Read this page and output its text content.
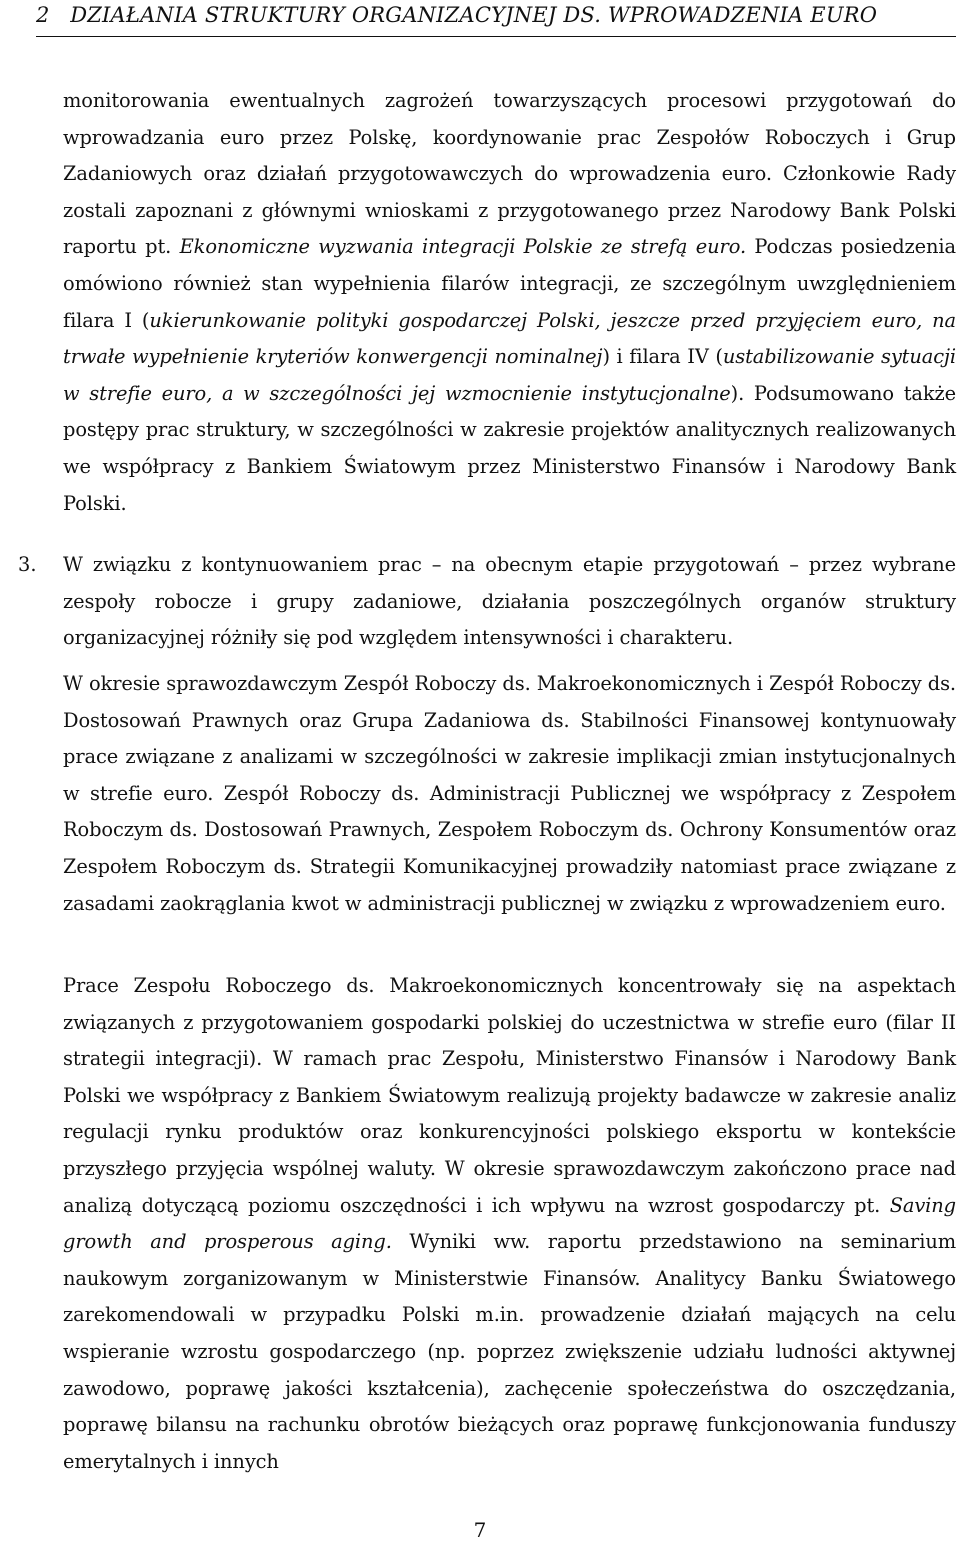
2 DZIAŁANIA STRUKTURY ORGANIZACYJNEJ DS. WPROWADZENIA EURO
monitorowania ewentualnych zagrożeń towarzyszących procesowi przygotowań do wprowadzania euro przez Polskę, koordynowanie prac Zespołów Roboczych i Grup Zadaniowych oraz działań przygotowawczych do wprowadzenia euro. Członkowie Rady zostali zapoznani z głównymi wnioskami z przygotowanego przez Narodowy Bank Polski raportu pt. Ekonomiczne wyzwania integracji Polskie ze strefą euro. Podczas posiedzenia omówiono również stan wypełnienia filarów integracji, ze szczególnym uwzględnieniem filara I (ukierunkowanie polityki gospodarczej Polski, jeszcze przed przyjęciem euro, na trwałe wypełnienie kryteriów konwergencji nominalnej) i filara IV (ustabilizowanie sytuacji w strefie euro, a w szczególności jej wzmocnienie instytucjonalne). Podsumowano także postępy prac struktury, w szczególności w zakresie projektów analitycznych realizowanych we współpracy z Bankiem Światowym przez Ministerstwo Finansów i Narodowy Bank Polski.
3. W związku z kontynuowaniem prac – na obecnym etapie przygotowań – przez wybrane zespoły robocze i grupy zadaniowe, działania poszczególnych organów struktury organizacyjnej różniły się pod względem intensywności i charakteru.
W okresie sprawozdawczym Zespół Roboczy ds. Makroekonomicznych i Zespół Roboczy ds. Dostosowań Prawnych oraz Grupa Zadaniowa ds. Stabilności Finansowej kontynuowały prace związane z analizami w szczególności w zakresie implikacji zmian instytucjonalnych w strefie euro. Zespół Roboczy ds. Administracji Publicznej we współpracy z Zespołem Roboczym ds. Dostosowań Prawnych, Zespołem Roboczym ds. Ochrony Konsumentów oraz Zespołem Roboczym ds. Strategii Komunikacyjnej prowadziły natomiast prace związane z zasadami zaokrąglania kwot w administracji publicznej w związku z wprowadzeniem euro.
Prace Zespołu Roboczego ds. Makroekonomicznych koncentrowały się na aspektach związanych z przygotowaniem gospodarki polskiej do uczestnictwa w strefie euro (filar II strategii integracji). W ramach prac Zespołu, Ministerstwo Finansów i Narodowy Bank Polski we współpracy z Bankiem Światowym realizują projekty badawcze w zakresie analiz regulacji rynku produktów oraz konkurencyjności polskiego eksportu w kontekście przyszłego przyjęcia wspólnej waluty. W okresie sprawozdawczym zakończono prace nad analizą dotyczącą poziomu oszczędności i ich wpływu na wzrost gospodarczy pt. Saving growth and prosperous aging. Wyniki ww. raportu przedstawiono na seminarium naukowym zorganizowanym w Ministerstwie Finansów. Analitycy Banku Światowego zarekomendowali w przypadku Polski m.in. prowadzenie działań mających na celu wspieranie wzrostu gospodarczego (np. poprzez zwiększenie udziału ludności aktywnej zawodowo, poprawę jakości kształcenia), zachęcenie społeczeństwa do oszczędzania, poprawę bilansu na rachunku obrotów bieżących oraz poprawę funkcjonowania funduszy emerytalnych i innych
7
